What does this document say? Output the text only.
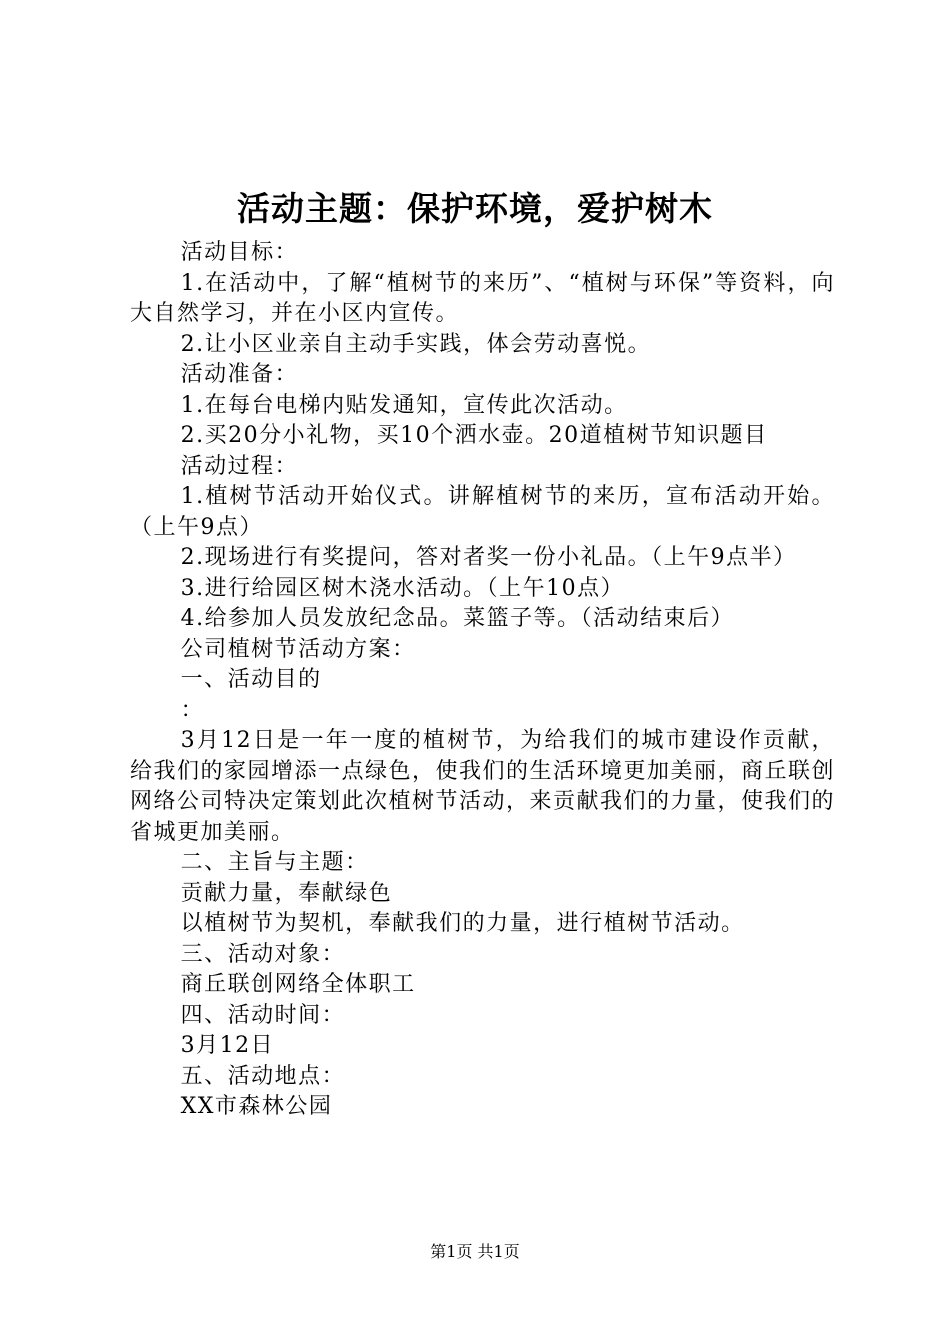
活动主题：保护环境，爱护树木

活动目标：

1.在活动中，了解“植树节的来历”、“植树与环保”等资料，向大自然学习，并在小区内宣传。

2.让小区业亲自主动手实践，体会劳动喜悦。

活动准备：

1.在每台电梯内贴发通知，宣传此次活动。

2.买20分小礼物，买10个洒水壶。20道植树节知识题目

活动过程：

1.植树节活动开始仪式。讲解植树节的来历，宣布活动开始。（上午9点）

2.现场进行有奖提问，答对者奖一份小礼品。（上午9点半）

3.进行给园区树木浇水活动。（上午10点）

4.给参加人员发放纪念品。菜篮子等。（活动结束后）

公司植树节活动方案：

一、活动目的

：

3月12日是一年一度的植树节，为给我们的城市建设作贡献，给我们的家园增添一点绿色，使我们的生活环境更加美丽，商丘联创网络公司特决定策划此次植树节活动，来贡献我们的力量，使我们的省城更加美丽。

二、主旨与主题：

贡献力量，奉献绿色

以植树节为契机，奉献我们的力量，进行植树节活动。

三、活动对象：

商丘联创网络全体职工

四、活动时间：

3月12日

五、活动地点：

XX市森林公园

第1页 共1页
